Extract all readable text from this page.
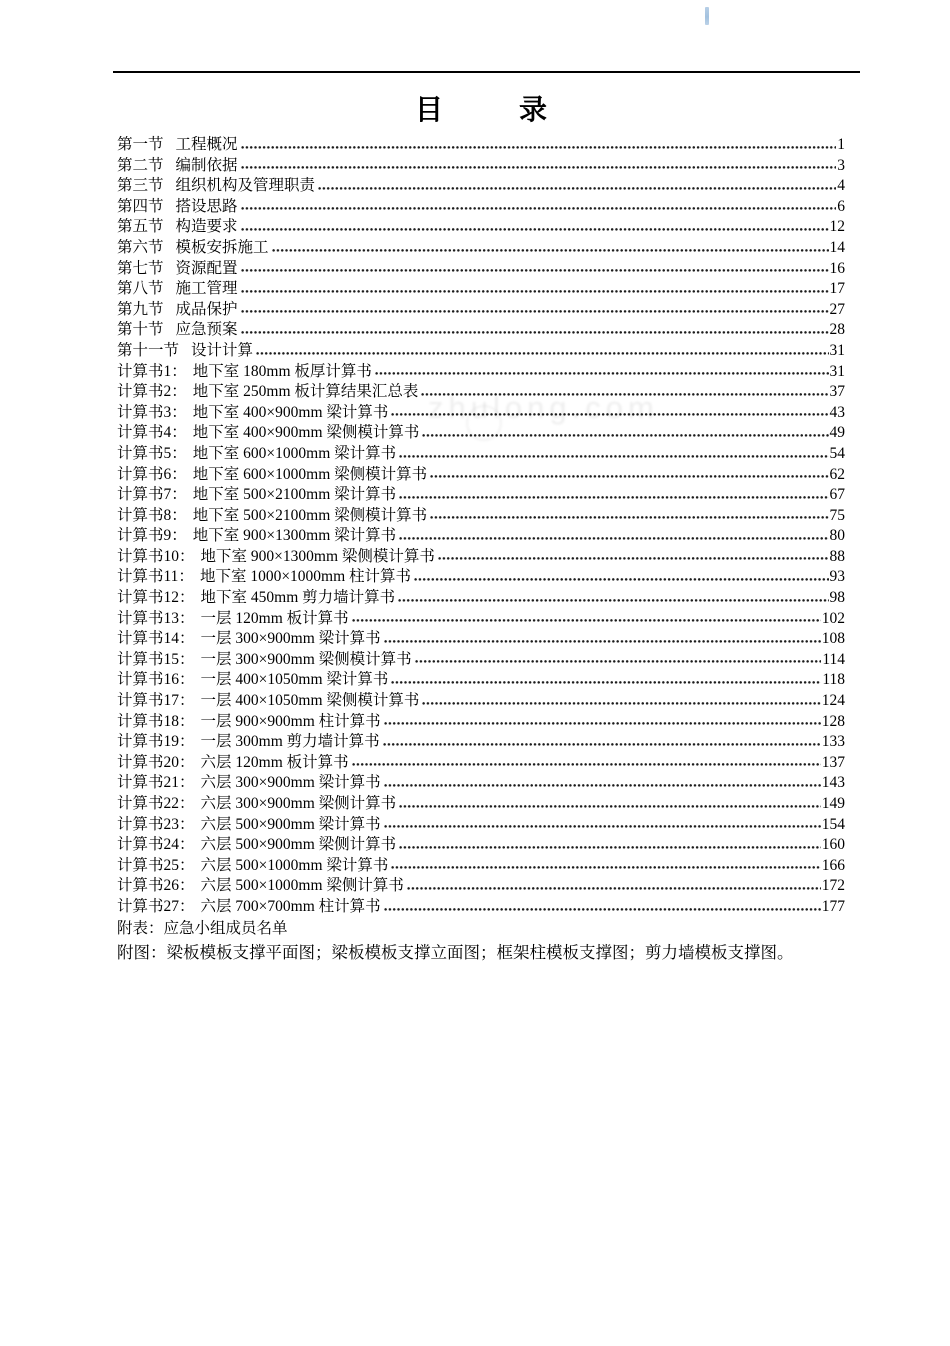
zhulong.com
目录
第一节 工程概况	1
第二节 编制依据	3
第三节 组织机构及管理职责	4
第四节 搭设思路	6
第五节 构造要求	12
第六节 模板安拆施工	14
第七节 资源配置	16
第八节 施工管理	17
第九节 成品保护	27
第十节 应急预案	28
第十一节 设计计算	31
计算书1： 地下室 180mm 板厚计算书	31
计算书2： 地下室 250mm 板计算结果汇总表	37
计算书3： 地下室 400×900mm 梁计算书	43
计算书4： 地下室 400×900mm 梁侧模计算书	49
计算书5： 地下室 600×1000mm 梁计算书	54
计算书6： 地下室 600×1000mm 梁侧模计算书	62
计算书7： 地下室 500×2100mm 梁计算书	67
计算书8： 地下室 500×2100mm 梁侧模计算书	75
计算书9： 地下室 900×1300mm 梁计算书	80
计算书10： 地下室 900×1300mm 梁侧模计算书	88
计算书11： 地下室 1000×1000mm 柱计算书	93
计算书12： 地下室 450mm 剪力墙计算书	98
计算书13： 一层 120mm 板计算书	102
计算书14： 一层 300×900mm 梁计算书	108
计算书15： 一层 300×900mm 梁侧模计算书	114
计算书16： 一层 400×1050mm 梁计算书	118
计算书17： 一层 400×1050mm 梁侧模计算书	124
计算书18： 一层 900×900mm 柱计算书	128
计算书19： 一层 300mm 剪力墙计算书	133
计算书20： 六层 120mm 板计算书	137
计算书21： 六层 300×900mm 梁计算书	143
计算书22： 六层 300×900mm 梁侧计算书	149
计算书23： 六层 500×900mm 梁计算书	154
计算书24： 六层 500×900mm 梁侧计算书	160
计算书25： 六层 500×1000mm 梁计算书	166
计算书26： 六层 500×1000mm 梁侧计算书	172
计算书27： 六层 700×700mm 柱计算书	177
附表：应急小组成员名单
附图：梁板模板支撑平面图；梁板模板支撑立面图；框架柱模板支撑图；剪力墙模板支撑图。
